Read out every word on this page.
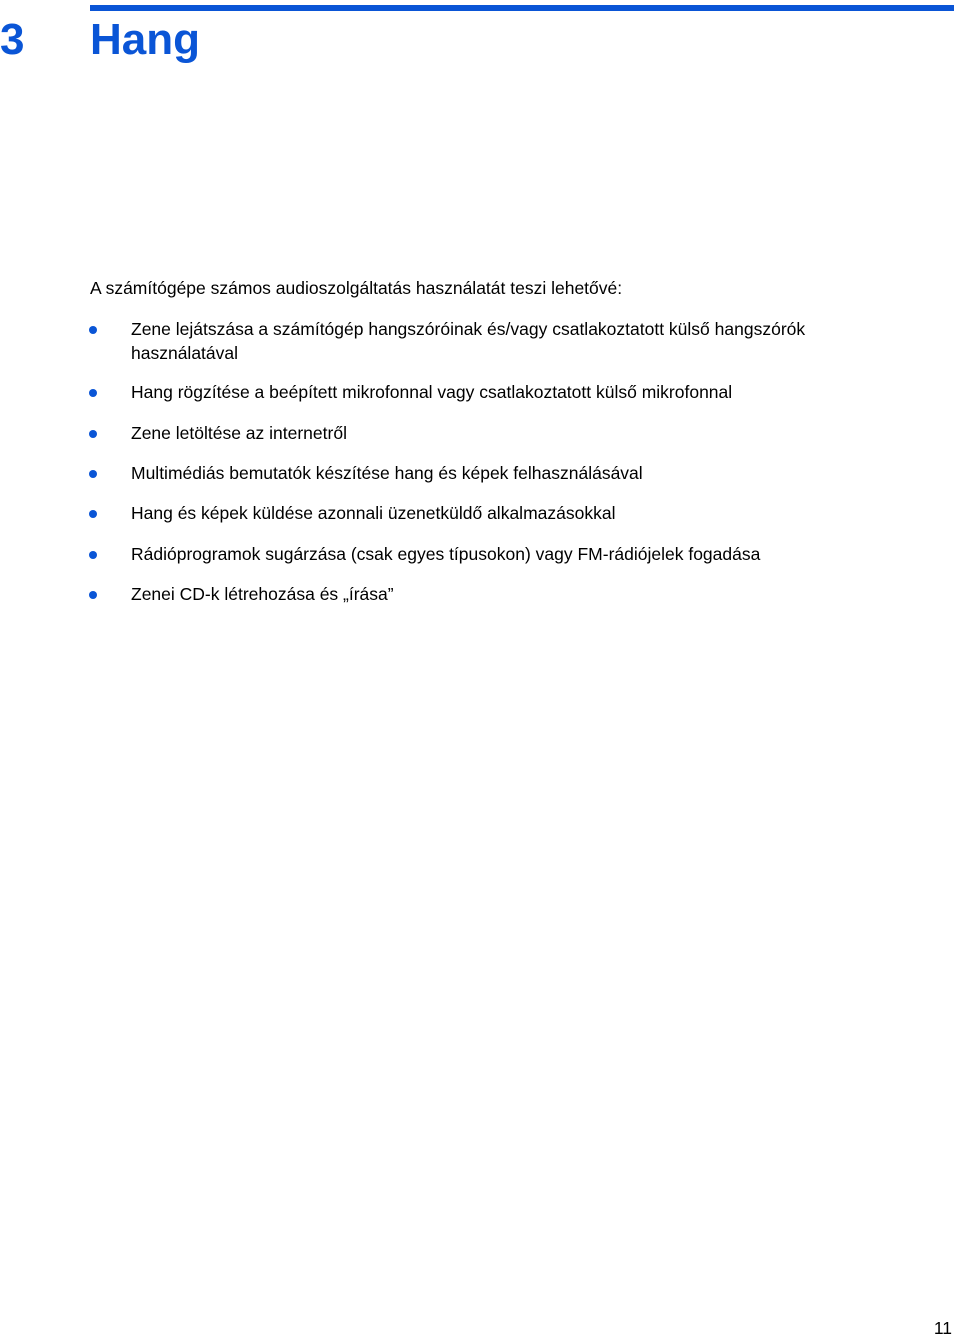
3 Hang

A számítógépe számos audioszolgáltatás használatát teszi lehetővé:

Zene lejátszása a számítógép hangszóróinak és/vagy csatlakoztatott külső hangszórók használatával
Hang rögzítése a beépített mikrofonnal vagy csatlakoztatott külső mikrofonnal
Zene letöltése az internetről
Multimédiás bemutatók készítése hang és képek felhasználásával
Hang és képek küldése azonnali üzenetküldő alkalmazásokkal
Rádióprogramok sugárzása (csak egyes típusokon) vagy FM-rádiójelek fogadása
Zenei CD-k létrehozása és „írása”
11
